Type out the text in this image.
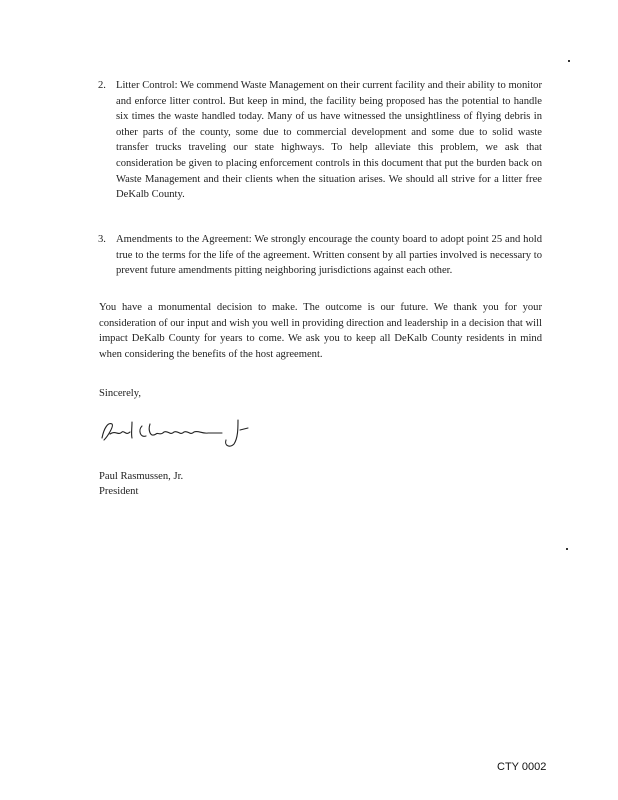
2. Litter Control: We commend Waste Management on their current facility and their ability to monitor and enforce litter control. But keep in mind, the facility being proposed has the potential to handle six times the waste handled today. Many of us have witnessed the unsightliness of flying debris in other parts of the county, some due to commercial development and some due to solid waste transfer trucks traveling our state highways. To help alleviate this problem, we ask that consideration be given to placing enforcement controls in this document that put the burden back on Waste Management and their clients when the situation arises. We should all strive for a litter free DeKalb County.
3. Amendments to the Agreement: We strongly encourage the county board to adopt point 25 and hold true to the terms for the life of the agreement. Written consent by all parties involved is necessary to prevent future amendments pitting neighboring jurisdictions against each other.
You have a monumental decision to make. The outcome is our future. We thank you for your consideration of our input and wish you well in providing direction and leadership in a decision that will impact DeKalb County for years to come. We ask you to keep all DeKalb County residents in mind when considering the benefits of the host agreement.
Sincerely,
Paul Rasmussen, Jr.
President
CTY 0002
